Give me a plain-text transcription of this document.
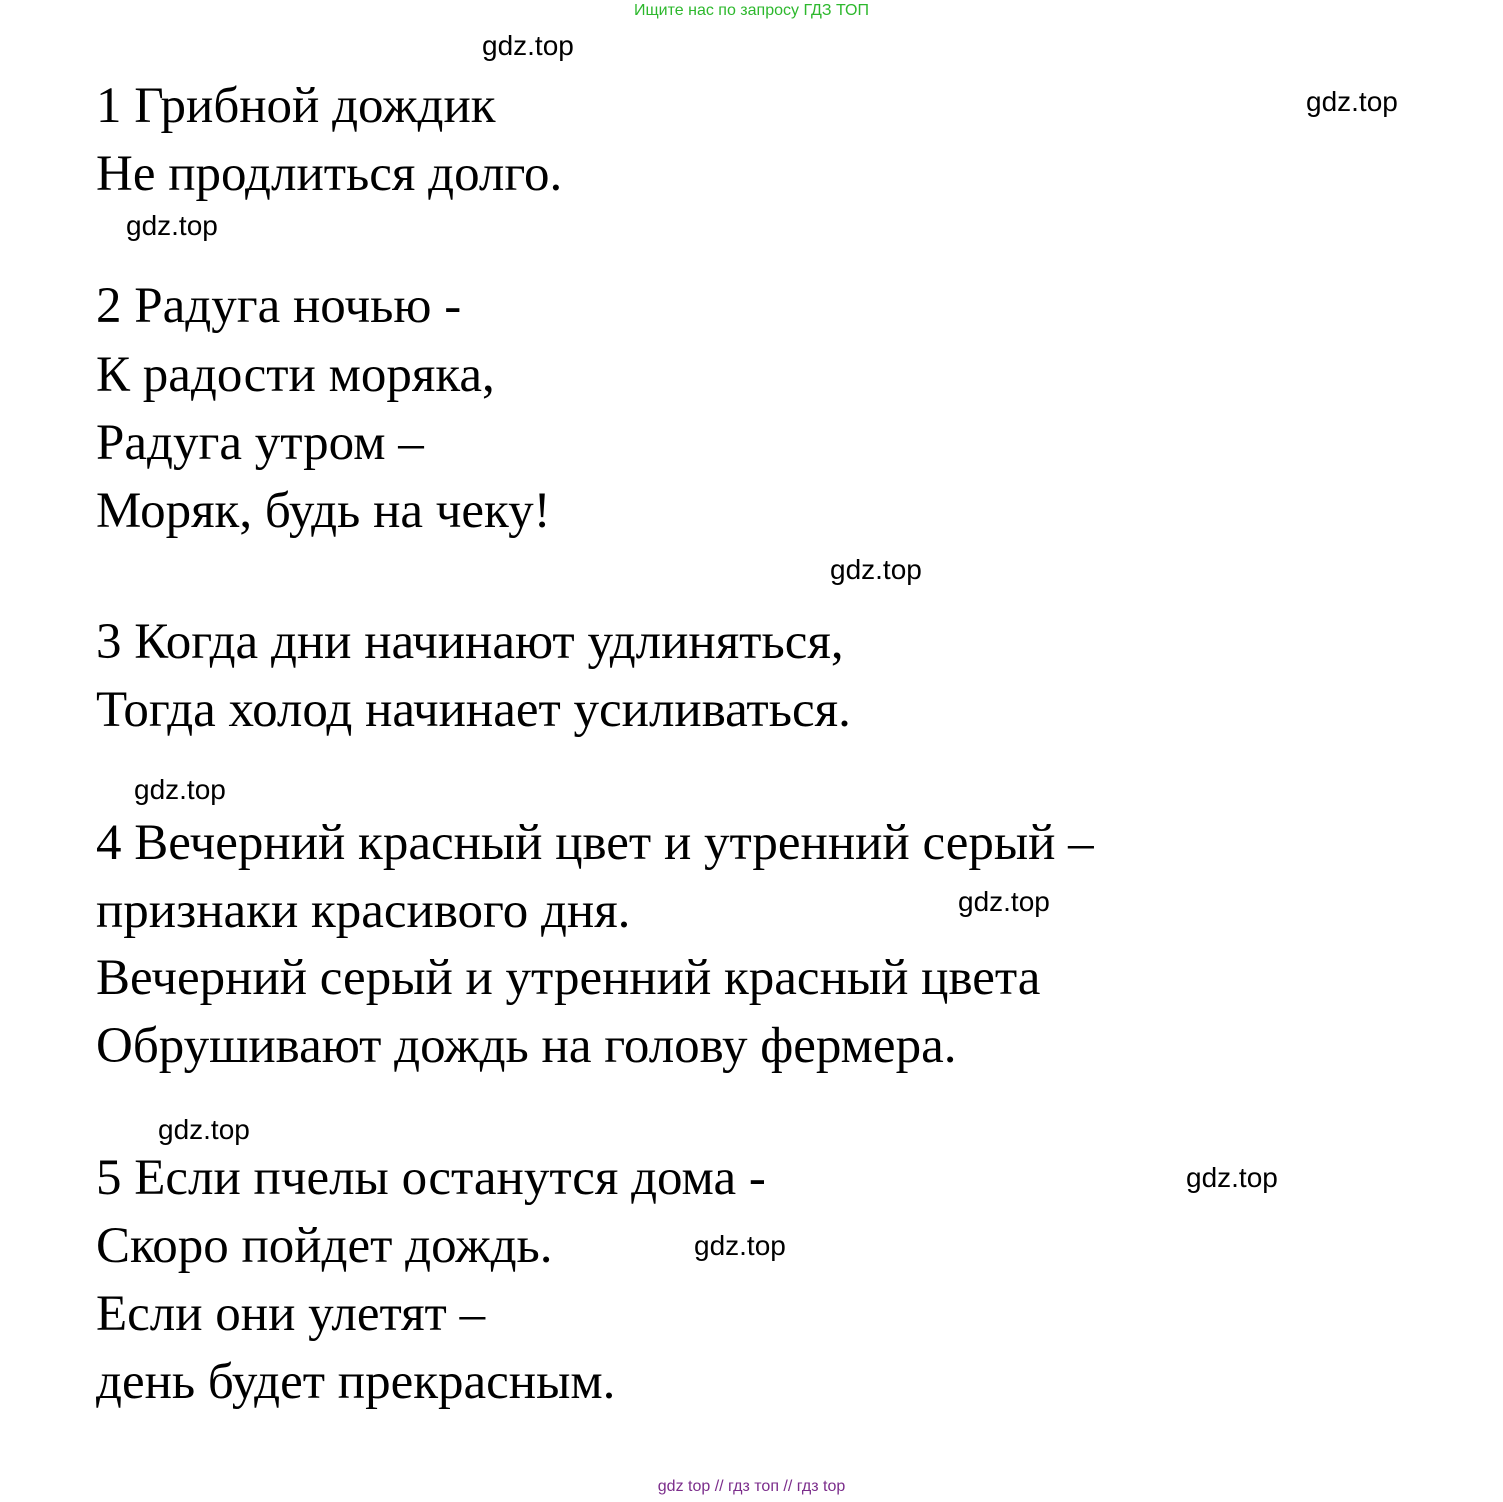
Ищите нас по запросу ГДЗ ТОП
1 Грибной дождик
Не продлиться долго.
2 Радуга ночью -
К радости моряка,
Радуга утром –
Моряк, будь на чеку!
3 Когда дни начинают удлиняться,
Тогда холод начинает усиливаться.
4 Вечерний красный цвет и утренний серый –
признаки красивого дня.
Вечерний серый и утренний красный цвета
Обрушивают дождь на голову фермера.
5 Если пчелы останутся дома -
Скоро пойдет дождь.
Если они улетят –
день будет прекрасным.
gdz.top
gdz.top
gdz.top
gdz.top
gdz.top
gdz.top
gdz.top
gdz.top
gdz.top
gdz top // гдз топ // гдз top
